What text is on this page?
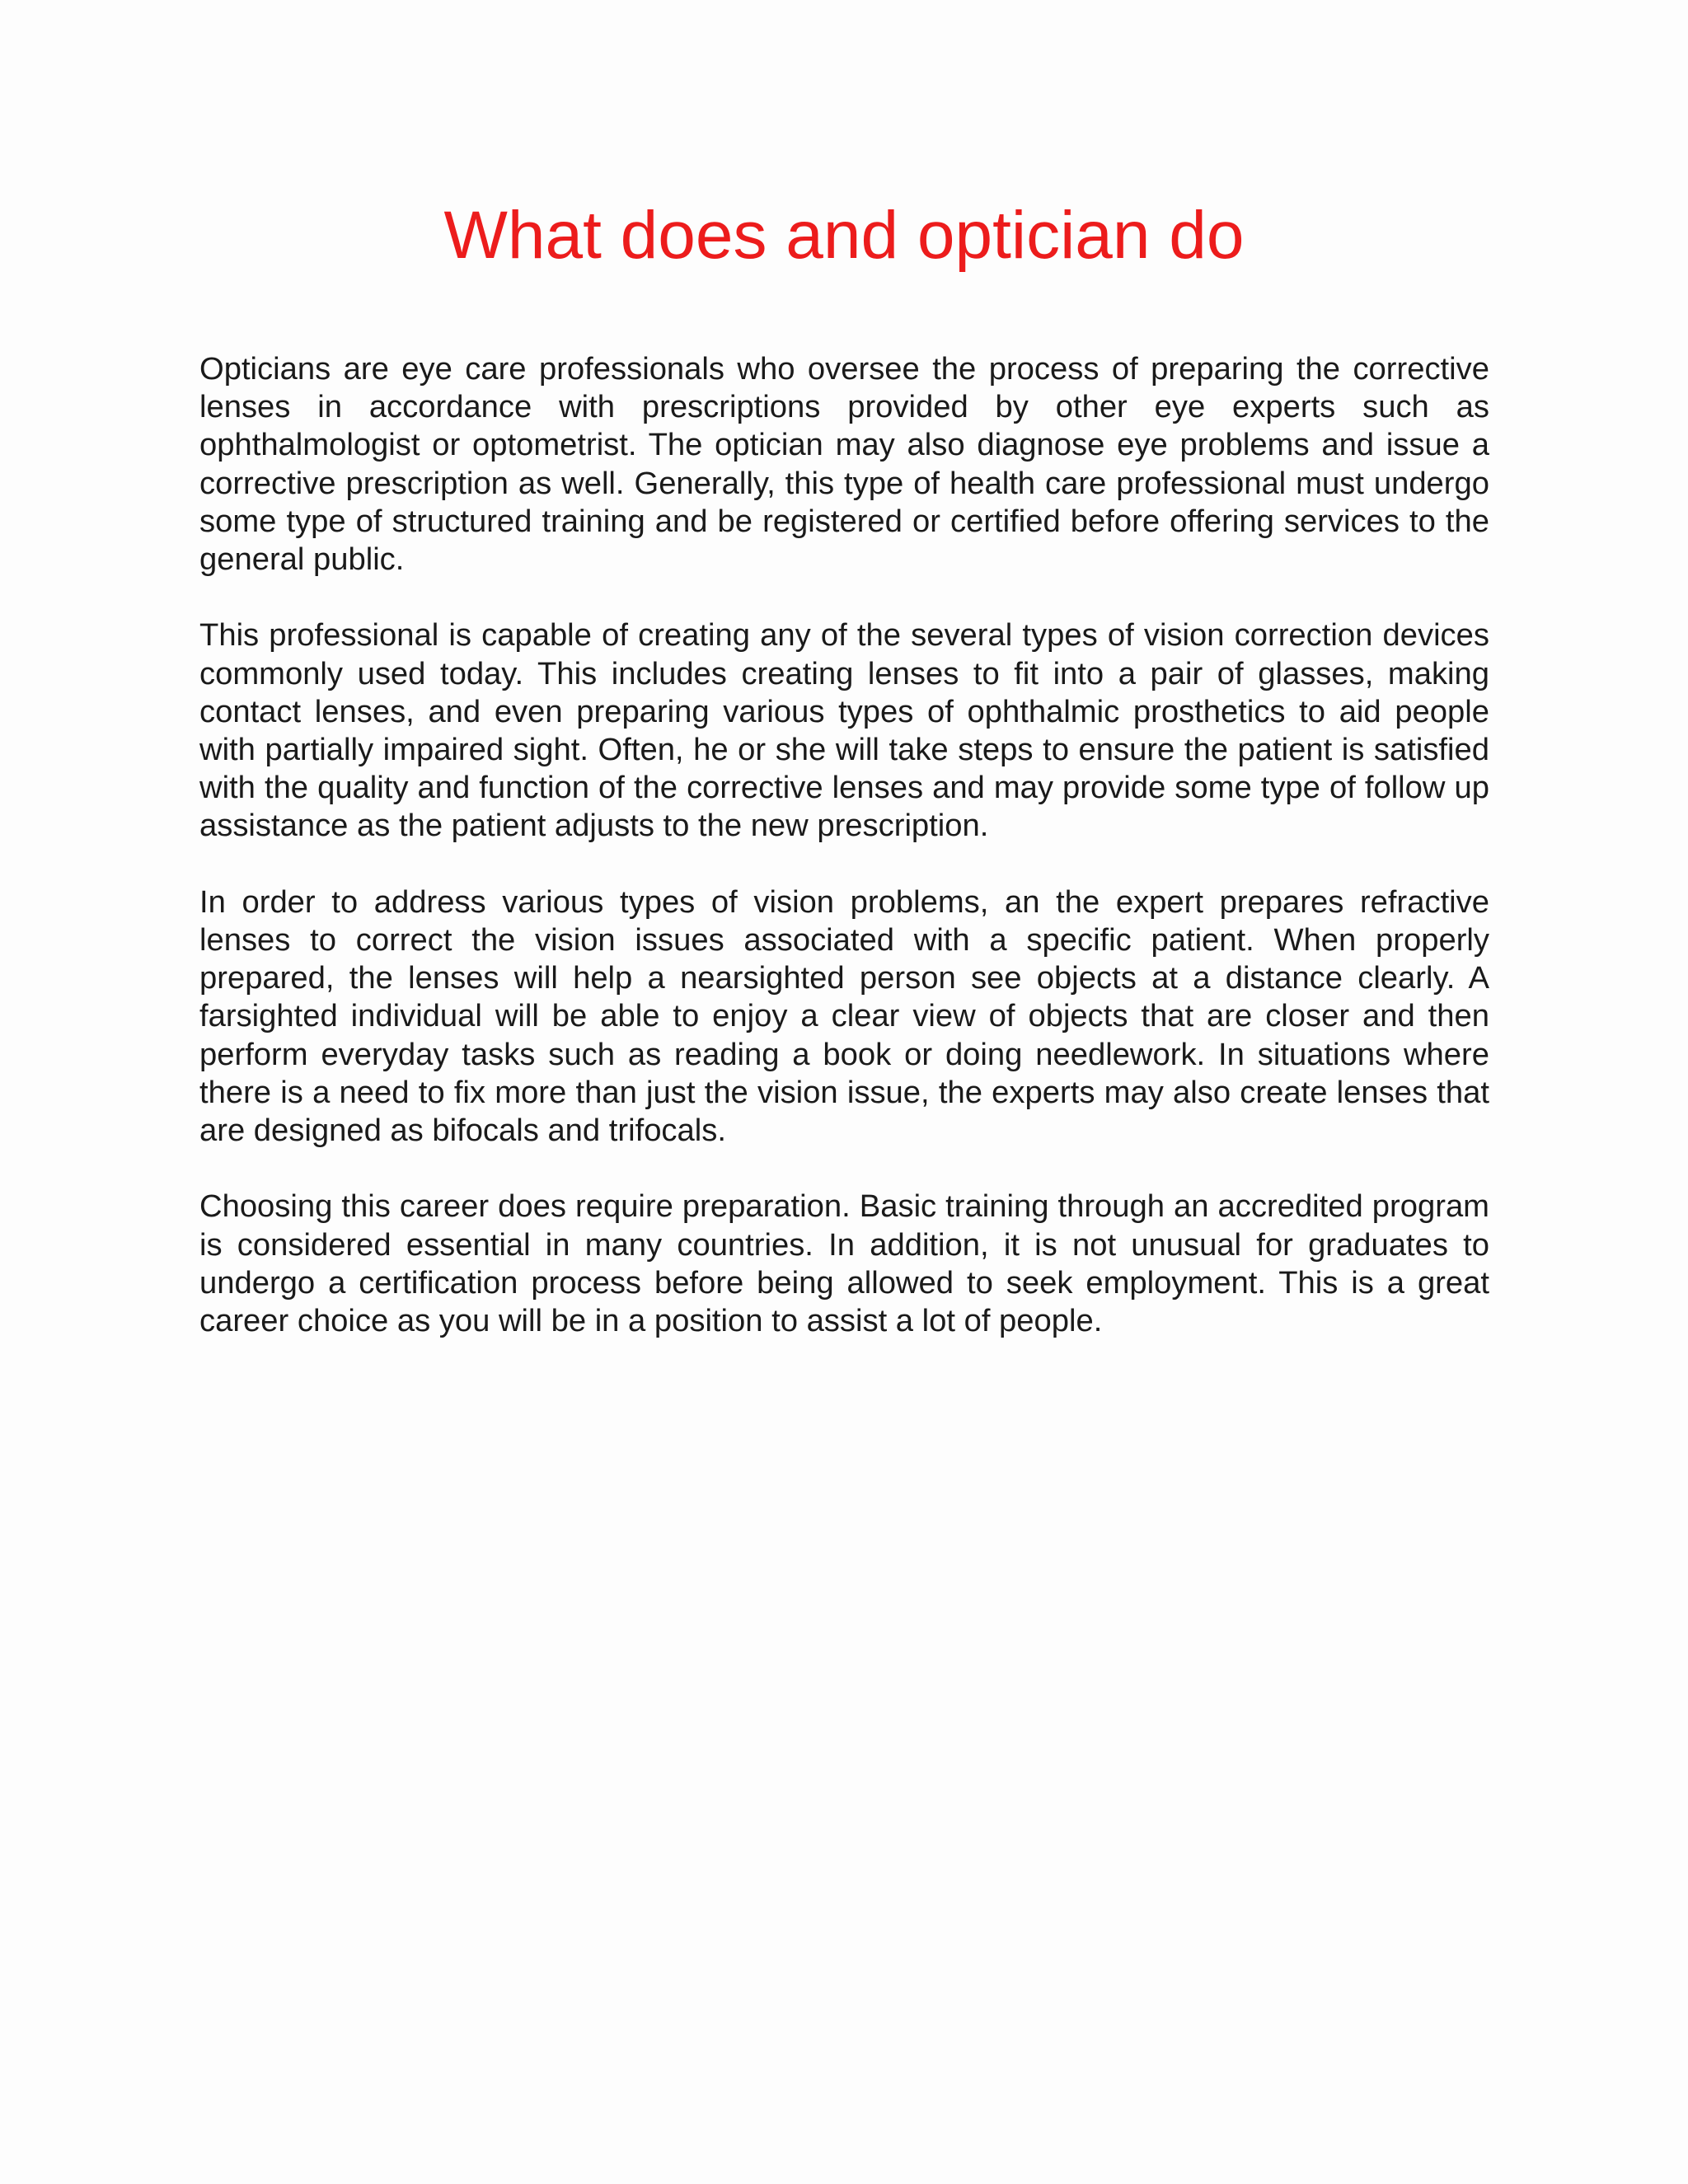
What does and optician do

Opticians are eye care professionals who oversee the process of preparing the corrective lenses in accordance with prescriptions provided by other eye experts such as ophthalmologist or optometrist. The optician may also diagnose eye problems and issue a corrective prescription as well. Generally, this type of health care professional must undergo some type of structured training and be registered or certified before offering services to the general public.

This professional is capable of creating any of the several types of vision correction devices commonly used today. This includes creating lenses to fit into a pair of glasses, making contact lenses, and even preparing various types of ophthalmic prosthetics to aid people with partially impaired sight. Often, he or she will take steps to ensure the patient is satisfied with the quality and function of the corrective lenses and may provide some type of follow up assistance as the patient adjusts to the new prescription.

In order to address various types of vision problems, an the expert prepares refractive lenses to correct the vision issues associated with a specific patient. When properly prepared, the lenses will help a nearsighted person see objects at a distance clearly. A farsighted individual will be able to enjoy a clear view of objects that are closer and then perform everyday tasks such as reading a book or doing needlework. In situations where there is a need to fix more than just the vision issue, the experts may also create lenses that are designed as bifocals and trifocals.

Choosing this career does require preparation. Basic training through an accredited program is considered essential in many countries. In addition, it is not unusual for graduates to undergo a certification process before being allowed to seek employment. This is a great career choice as you will be in a position to assist a lot of people.
